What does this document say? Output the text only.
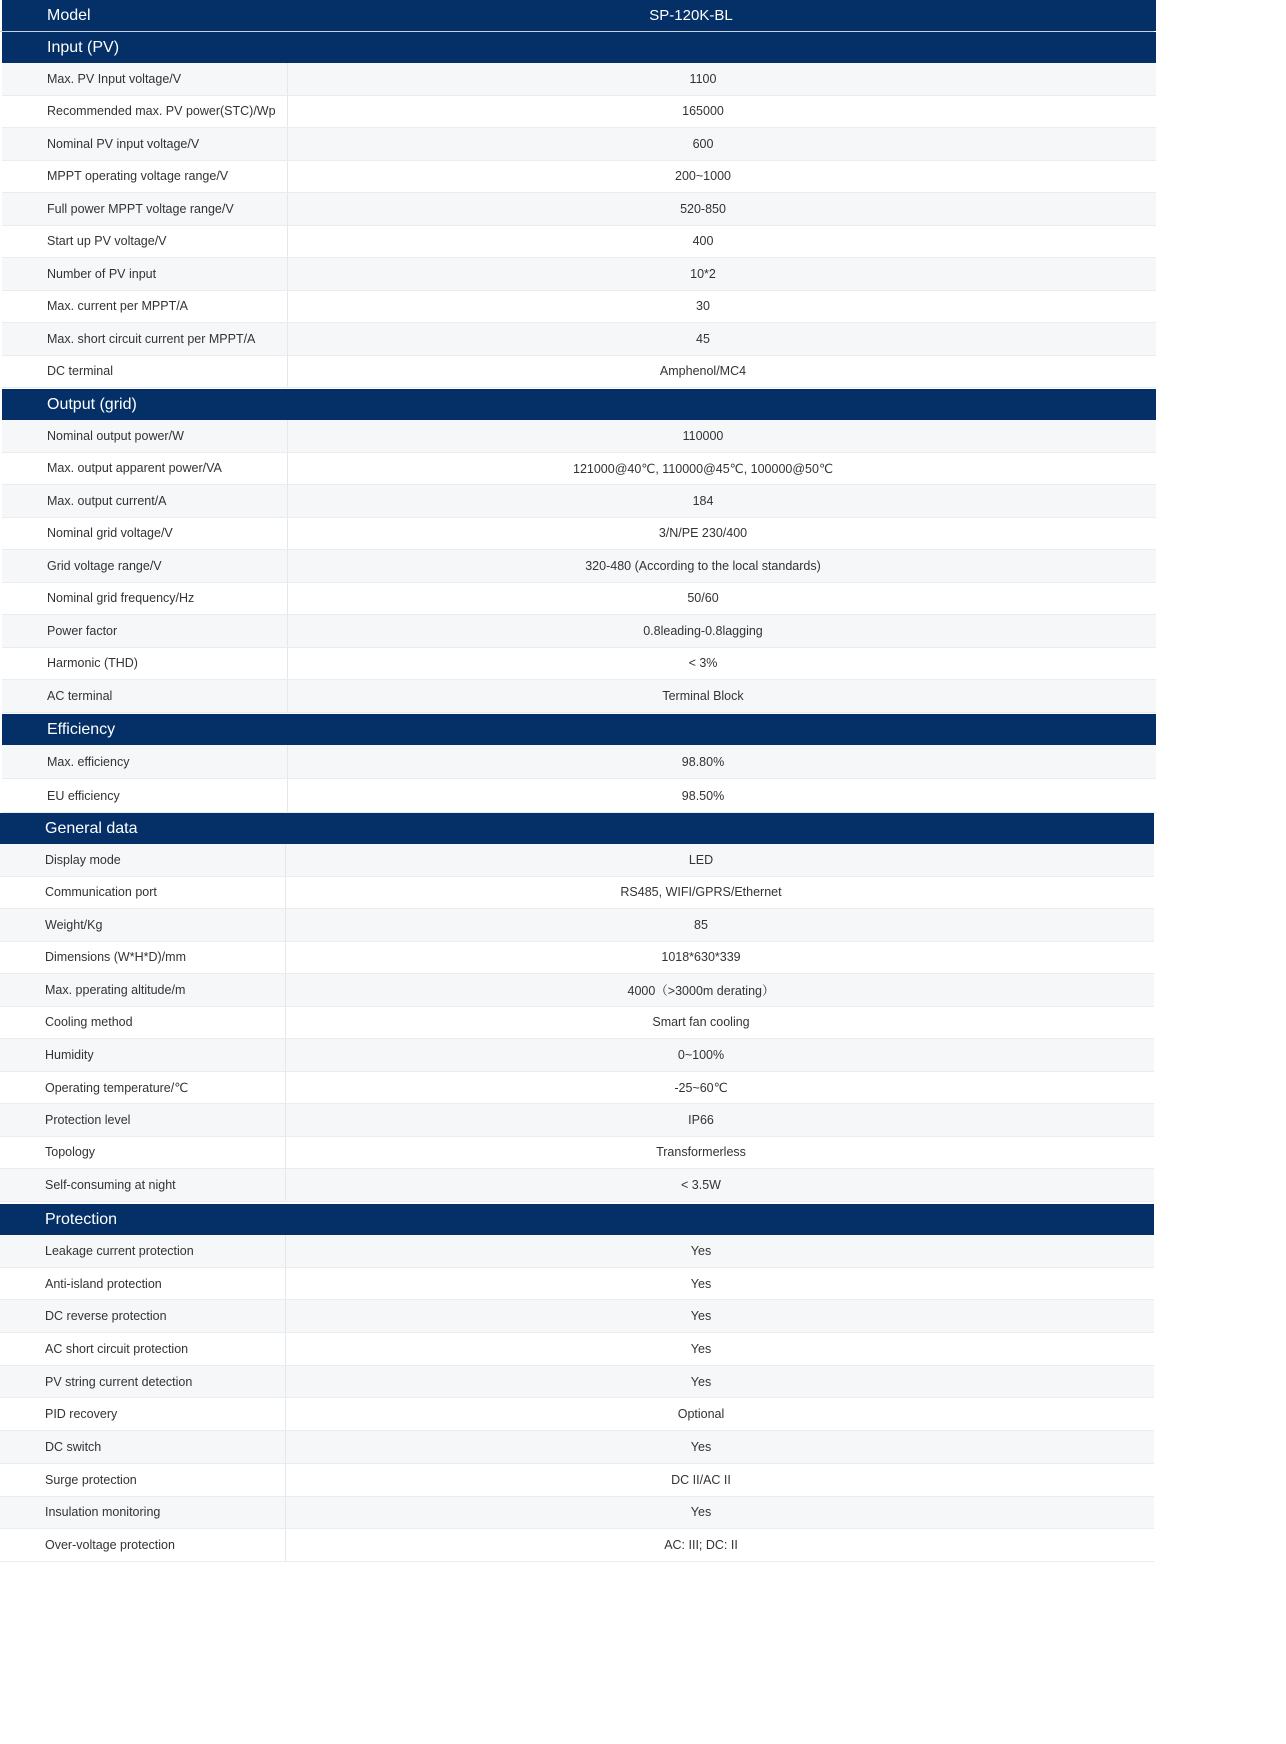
Model	SP-120K-BL
Input (PV)
Max. PV Input voltage/V	1100
Recommended max. PV power(STC)/Wp	165000
Nominal PV input voltage/V	600
MPPT operating voltage range/V	200~1000
Full power MPPT voltage range/V	520-850
Start up PV voltage/V	400
Number of PV input	10*2
Max. current per MPPT/A	30
Max. short circuit current per MPPT/A	45
DC terminal	Amphenol/MC4
Output (grid)
Nominal output power/W	110000
Max. output apparent power/VA	121000@40℃, 110000@45℃, 100000@50℃
Max. output current/A	184
Nominal grid voltage/V	3/N/PE 230/400
Grid voltage range/V	320-480 (According to the local standards)
Nominal grid frequency/Hz	50/60
Power factor	0.8leading-0.8lagging
Harmonic (THD)	< 3%
AC terminal	Terminal Block
Efficiency
Max. efficiency	98.80%
EU efficiency	98.50%
General data
Display mode	LED
Communication port	RS485, WIFI/GPRS/Ethernet
Weight/Kg	85
Dimensions (W*H*D)/mm	1018*630*339
Max. pperating altitude/m	4000（>3000m derating）
Cooling method	Smart fan cooling
Humidity	0~100%
Operating temperature/℃	-25~60℃
Protection level	IP66
Topology	Transformerless
Self-consuming at night	< 3.5W
Protection
Leakage current protection	Yes
Anti-island protection	Yes
DC reverse protection	Yes
AC short circuit protection	Yes
PV string current detection	Yes
PID recovery	Optional
DC switch	Yes
Surge protection	DC II/AC II
Insulation monitoring	Yes
Over-voltage protection	AC: III; DC: II
